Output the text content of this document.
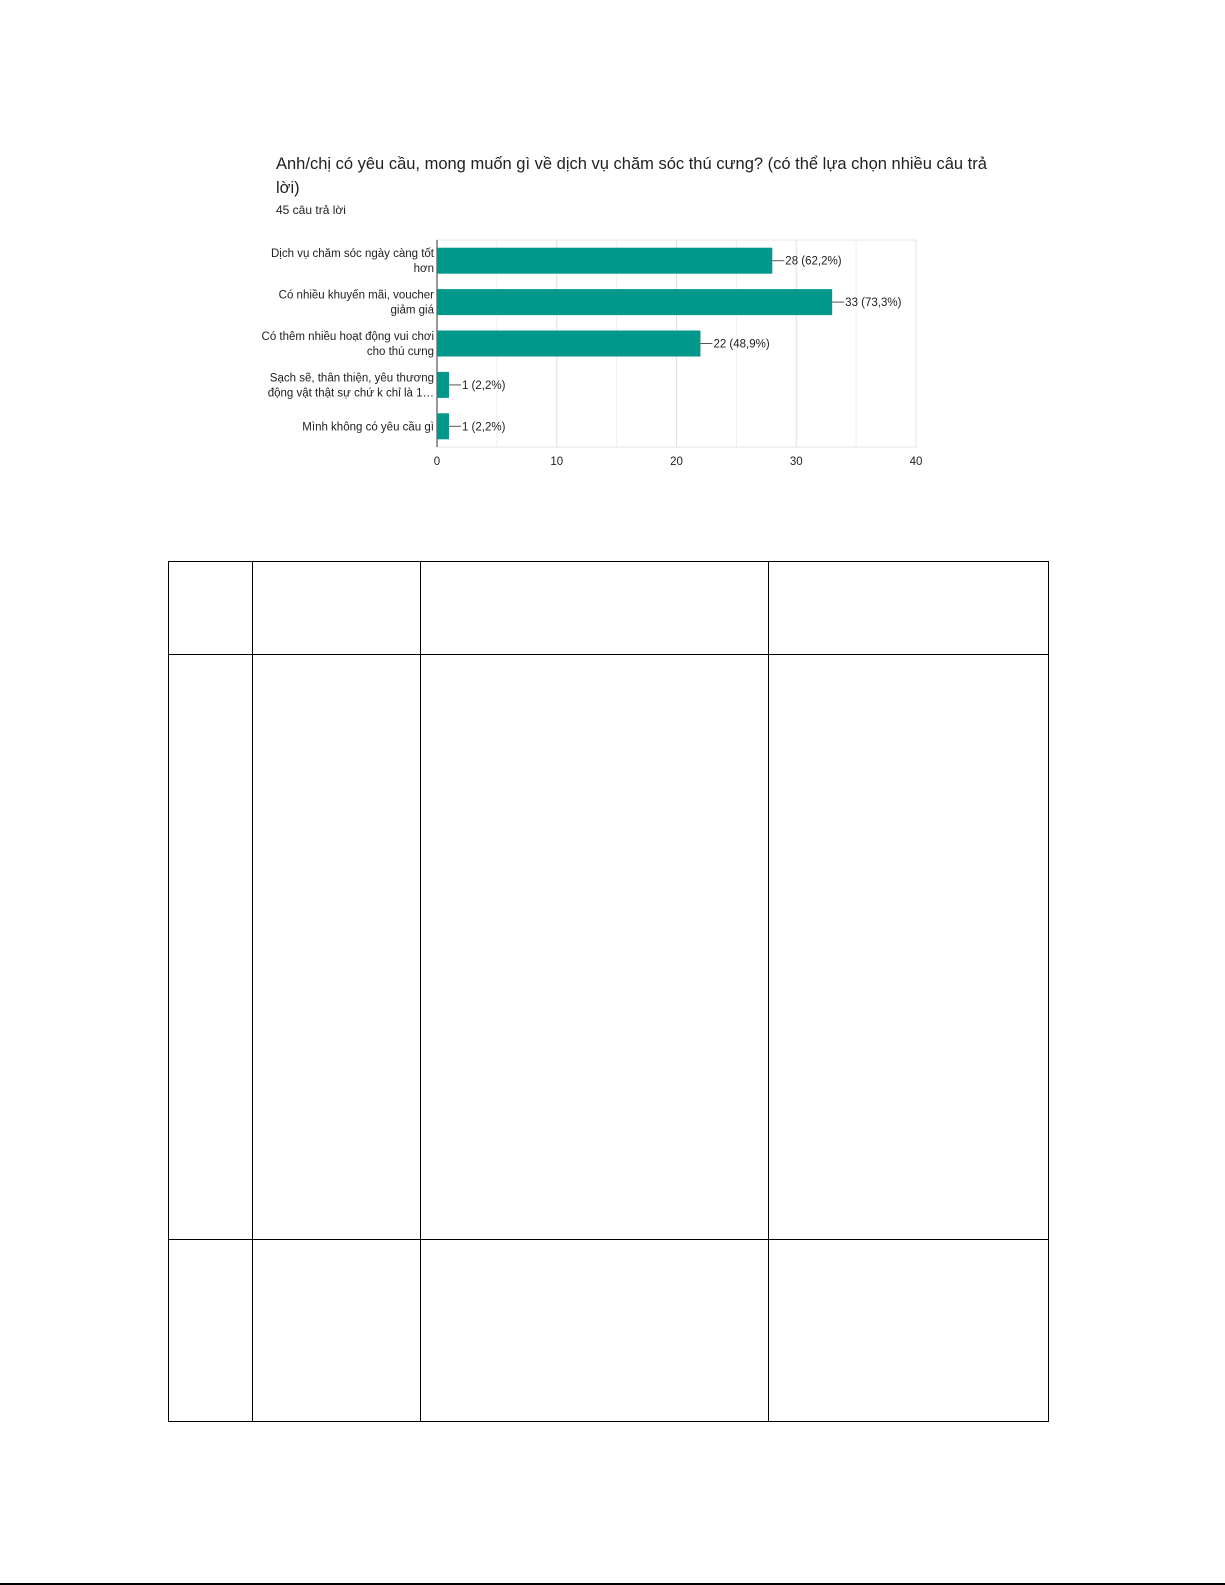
Anh/chị có yêu cầu, mong muốn gì về dịch vụ chăm sóc thú cưng? (có thể lựa chọn nhiều câu trả lời)
45 câu trả lời
28 (62,2%)
Dịch vụ chăm sóc ngày càng tốt hơn
33 (73,3%)
Có nhiều khuyến mãi, voucher giảm giá
22 (48,9%)
Có thêm nhiều hoạt động vui chơi cho thú cưng
1 (2,2%)
Sạch sẽ, thân thiện, yêu thương động vật thật sự chứ k chỉ là 1…
1 (2,2%)
Mình không có yêu cầu gì
0	10	20	30	40
